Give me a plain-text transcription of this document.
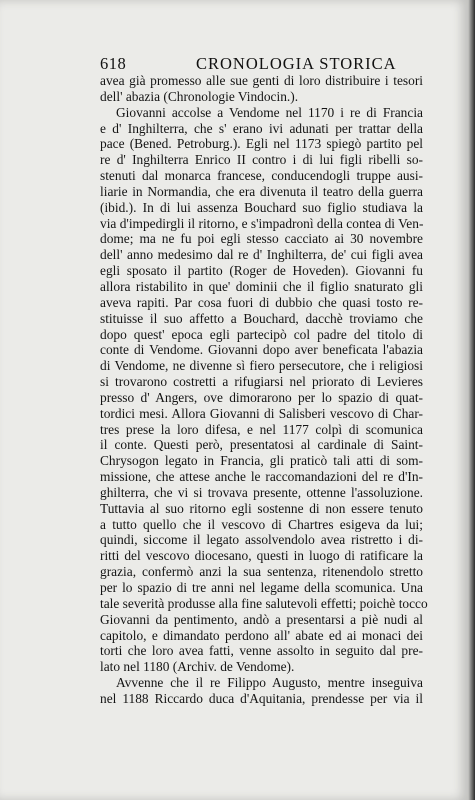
618	CRONOLOGIA STORICA
avea già promesso alle sue genti di loro distribuire i tesori
dell' abazia (Chronologie Vindocin.).
Giovanni accolse a Vendome nel 1170 i re di Francia
e d' Inghilterra, che s' erano ivi adunati per trattar della
pace (Bened. Petroburg.). Egli nel 1173 spiegò partito pel
re d' Inghilterra Enrico II contro i di lui figli ribelli so-
stenuti dal monarca francese, conducendogli truppe ausi-
liarie in Normandia, che era divenuta il teatro della guerra
(ibid.). In di lui assenza Bouchard suo figlio studiava la
via d'impedirgli il ritorno, e s'impadronì della contea di Ven-
dome; ma ne fu poi egli stesso cacciato ai 30 novembre
dell' anno medesimo dal re d' Inghilterra, de' cui figli avea
egli sposato il partito (Roger de Hoveden). Giovanni fu
allora ristabilito in que' dominii che il figlio snaturato gli
aveva rapiti. Par cosa fuori di dubbio che quasi tosto re-
stituisse il suo affetto a Bouchard, dacchè troviamo che
dopo quest' epoca egli partecipò col padre del titolo di
conte di Vendome. Giovanni dopo aver beneficata l'abazia
di Vendome, ne divenne sì fiero persecutore, che i religiosi
si trovarono costretti a rifugiarsi nel priorato di Levieres
presso d' Angers, ove dimorarono per lo spazio di quat-
tordici mesi. Allora Giovanni di Salisberi vescovo di Char-
tres prese la loro difesa, e nel 1177 colpì di scomunica
il conte. Questi però, presentatosi al cardinale di Saint-
Chrysogon legato in Francia, gli praticò tali atti di som-
missione, che attese anche le raccomandazioni del re d'In-
ghilterra, che vi si trovava presente, ottenne l'assoluzione.
Tuttavia al suo ritorno egli sostenne di non essere tenuto
a tutto quello che il vescovo di Chartres esigeva da lui;
quindi, siccome il legato assolvendolo avea ristretto i di-
ritti del vescovo diocesano, questi in luogo di ratificare la
grazia, confermò anzi la sua sentenza, ritenendolo stretto
per lo spazio di tre anni nel legame della scomunica. Una
tale severità produsse alla fine salutevoli effetti; poichè tocco
Giovanni da pentimento, andò a presentarsi a piè nudi al
capitolo, e dimandato perdono all' abate ed ai monaci dei
torti che loro avea fatti, venne assolto in seguito dal pre-
lato nel 1180 (Archiv. de Vendome).
Avvenne che il re Filippo Augusto, mentre inseguiva
nel 1188 Riccardo duca d'Aquitania, prendesse per via il
